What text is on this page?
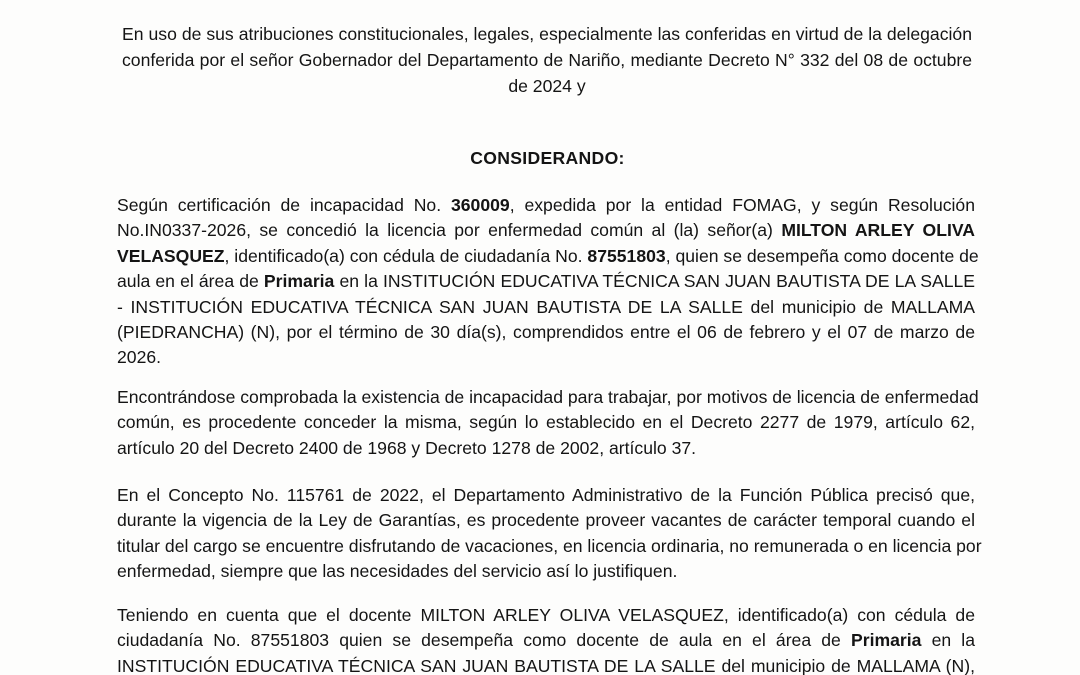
En uso de sus atribuciones constitucionales, legales, especialmente las conferidas en virtud de la delegación
conferida por el señor Gobernador del Departamento de Nariño, mediante Decreto N° 332 del 08 de octubre
de 2024 y

CONSIDERANDO:

Según certificación de incapacidad No. 360009, expedida por la entidad FOMAG, y según Resolución
No.IN0337-2026, se concedió la licencia por enfermedad común al (la) señor(a) MILTON ARLEY OLIVA
VELASQUEZ, identificado(a) con cédula de ciudadanía No. 87551803, quien se desempeña como docente de
aula en el área de Primaria en la INSTITUCIÓN EDUCATIVA TÉCNICA SAN JUAN BAUTISTA DE LA SALLE
- INSTITUCIÓN EDUCATIVA TÉCNICA SAN JUAN BAUTISTA DE LA SALLE del municipio de MALLAMA
(PIEDRANCHA) (N), por el término de 30 día(s), comprendidos entre el 06 de febrero y el 07 de marzo de
2026.

Encontrándose comprobada la existencia de incapacidad para trabajar, por motivos de licencia de enfermedad
común, es procedente conceder la misma, según lo establecido en el Decreto 2277 de 1979, artículo 62,
artículo 20 del Decreto 2400 de 1968 y Decreto 1278 de 2002, artículo 37.

En el Concepto No. 115761 de 2022, el Departamento Administrativo de la Función Pública precisó que,
durante la vigencia de la Ley de Garantías, es procedente proveer vacantes de carácter temporal cuando el
titular del cargo se encuentre disfrutando de vacaciones, en licencia ordinaria, no remunerada o en licencia por
enfermedad, siempre que las necesidades del servicio así lo justifiquen.

Teniendo en cuenta que el docente MILTON ARLEY OLIVA VELASQUEZ, identificado(a) con cédula de
ciudadanía No. 87551803 quien se desempeña como docente de aula en el área de Primaria en la
INSTITUCIÓN EDUCATIVA TÉCNICA SAN JUAN BAUTISTA DE LA SALLE del municipio de MALLAMA (N),
